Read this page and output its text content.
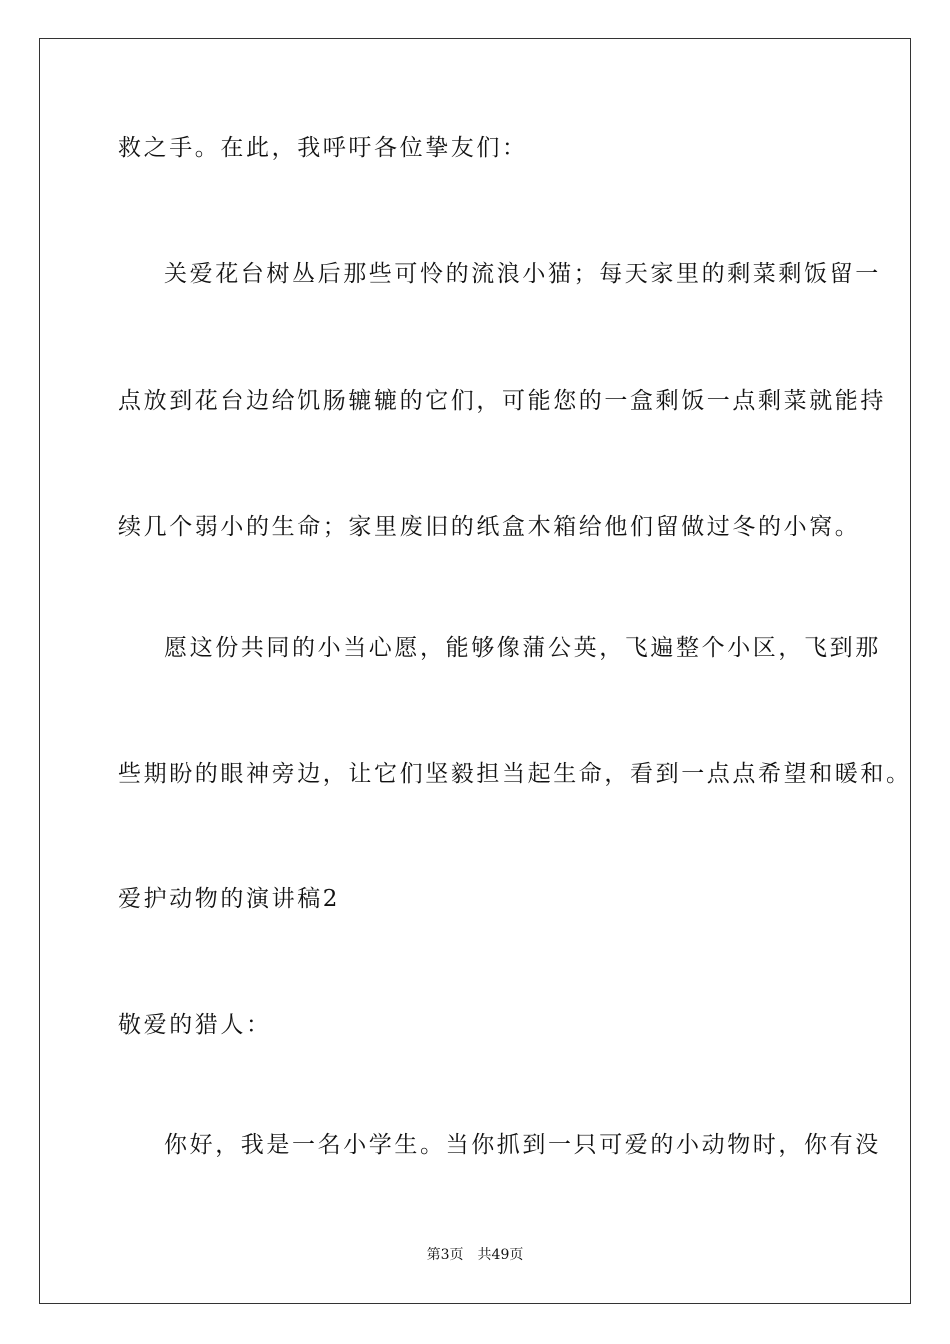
救之手。在此，我呼吁各位挚友们：
关爱花台树丛后那些可怜的流浪小猫；每天家里的剩菜剩饭留一
点放到花台边给饥肠辘辘的它们，可能您的一盒剩饭一点剩菜就能持
续几个弱小的生命；家里废旧的纸盒木箱给他们留做过冬的小窝。
愿这份共同的小当心愿，能够像蒲公英，飞遍整个小区，飞到那
些期盼的眼神旁边，让它们坚毅担当起生命，看到一点点希望和暖和。
爱护动物的演讲稿2
敬爱的猎人：
你好，我是一名小学生。当你抓到一只可爱的小动物时，你有没
第3页 共49页
